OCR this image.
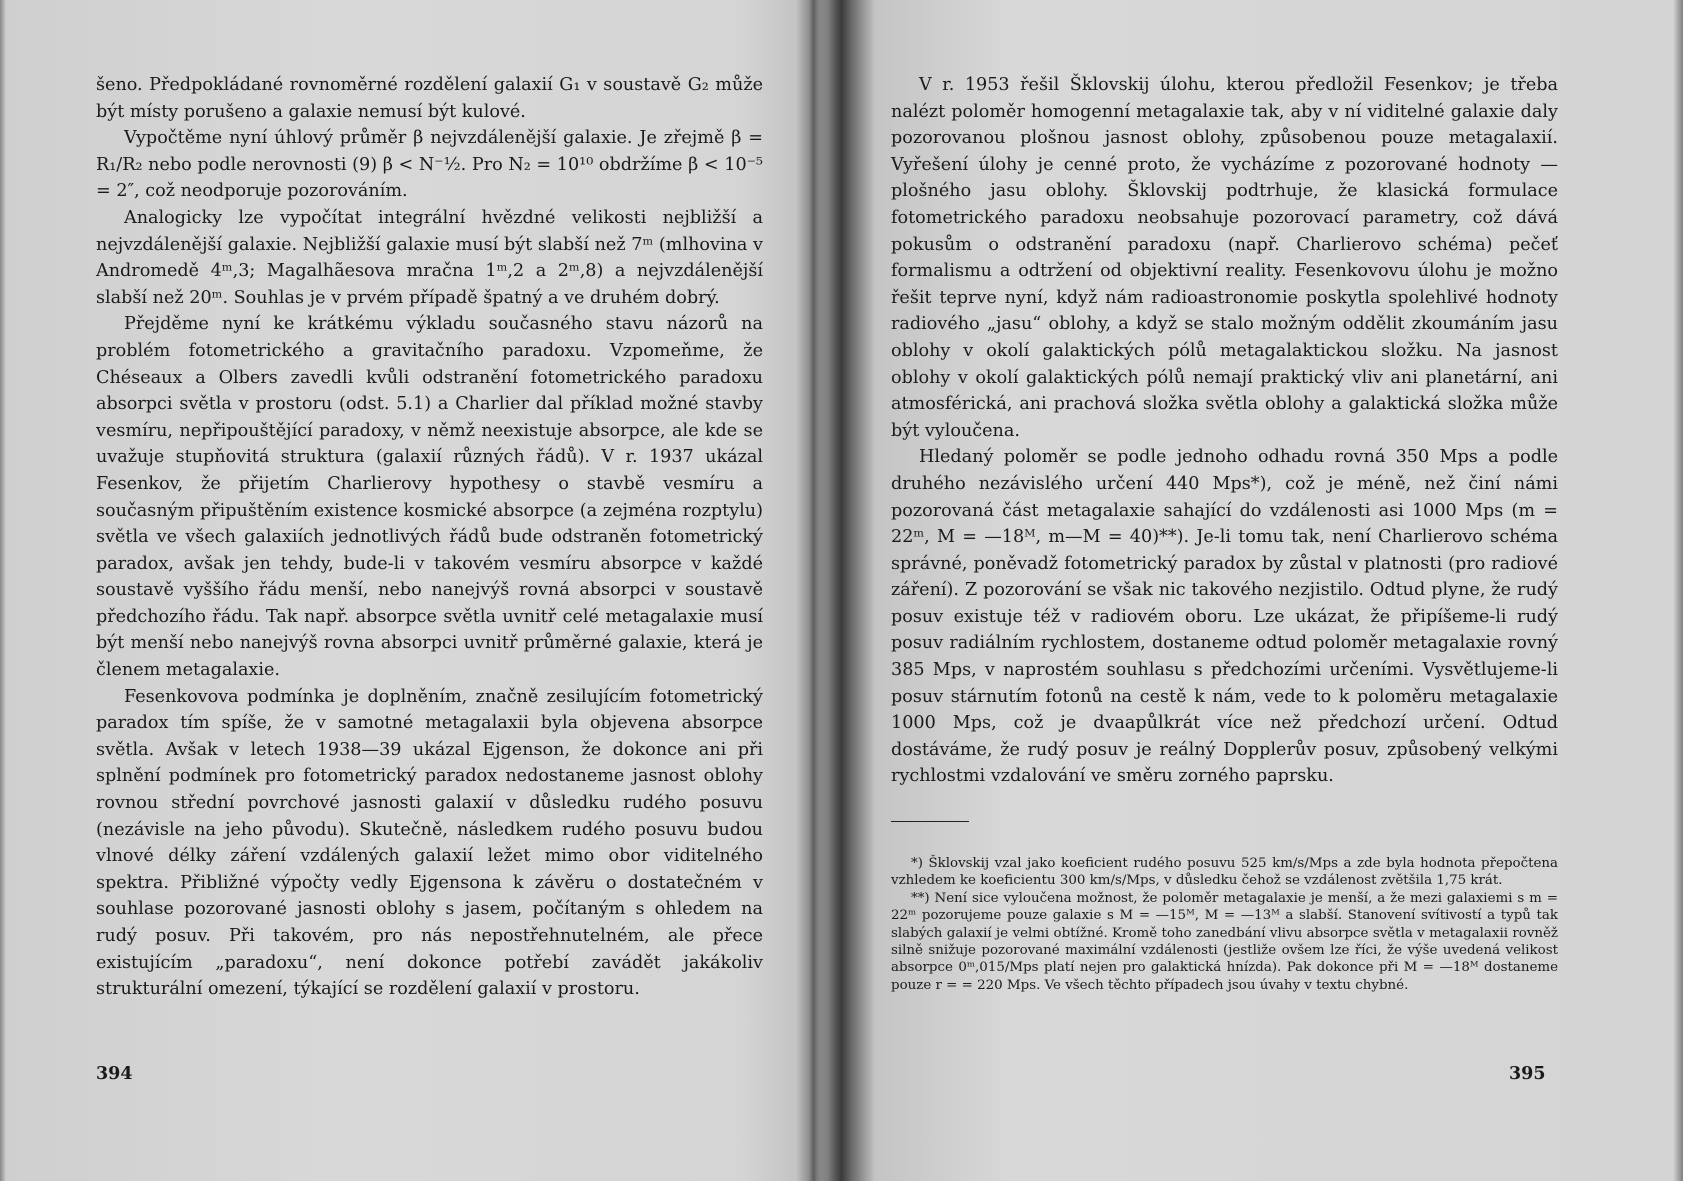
šeno. Předpokládané rovnoměrné rozdělení galaxií G₁ v soustavě G₂ může být místy porušeno a galaxie nemusí být kulové.

Vypočtěme nyní úhlový průměr β nejvzdálenější galaxie. Je zřejmě β = R₁/R₂ nebo podle nerovnosti (9) β < N⁻½. Pro N₂ = 10¹⁰ obdržíme β < 10⁻⁵ = 2″, což neodporuje pozorováním.

Analogicky lze vypočítat integrální hvězdné velikosti nejbližší a nejvzdálenější galaxie. Nejbližší galaxie musí být slabší než 7ᵐ (mlhovina v Andromedě 4ᵐ,3; Magalhãesova mračna 1ᵐ,2 a 2ᵐ,8) a nejvzdálenější slabší než 20ᵐ. Souhlas je v prvém případě špatný a ve druhém dobrý.

Přejděme nyní ke krátkému výkladu současného stavu názorů na problém fotometrického a gravitačního paradoxu. Vzpomeňme, že Chéseaux a Olbers zavedli kvůli odstranění fotometrického paradoxu absorpci světla v prostoru (odst. 5.1) a Charlier dal příklad možné stavby vesmíru, nepřipouštějící paradoxy, v němž neexistuje absorpce, ale kde se uvažuje stupňovitá struktura (galaxií různých řádů). V r. 1937 ukázal Fesenkov, že přijetím Charlierovy hypothesy o stavbě vesmíru a současným připuštěním existence kosmické absorpce (a zejména rozptylu) světla ve všech galaxiích jednotlivých řádů bude odstraněn fotometrický paradox, avšak jen tehdy, bude-li v takovém vesmíru absorpce v každé soustavě vyššího řádu menší, nebo nanejvýš rovná absorpci v soustavě předchozího řádu. Tak např. absorpce světla uvnitř celé metagalaxie musí být menší nebo nanejvýš rovna absorpci uvnitř průměrné galaxie, která je členem metagalaxie.

Fesenkovova podmínka je doplněním, značně zesilujícím fotometrický paradox tím spíše, že v samotné metagalaxii byla objevena absorpce světla. Avšak v letech 1938—39 ukázal Ejgenson, že dokonce ani při splnění podmínek pro fotometrický paradox nedostaneme jasnost oblohy rovnou střední povrchové jasnosti galaxií v důsledku rudého posuvu (nezávisle na jeho původu). Skutečně, následkem rudého posuvu budou vlnové délky záření vzdálených galaxií ležet mimo obor viditelného spektra. Přibližné výpočty vedly Ejgensona k závěru o dostatečném v souhlase pozorované jasnosti oblohy s jasem, počítaným s ohledem na rudý posuv. Při takovém, pro nás nepostřehnutelném, ale přece existujícím „paradoxu“, není dokonce potřebí zavádět jakákoliv strukturální omezení, týkající se rozdělení galaxií v prostoru.

394

V r. 1953 řešil Šklovskij úlohu, kterou předložil Fesenkov; je třeba nalézt poloměr homogenní metagalaxie tak, aby v ní viditelné galaxie daly pozorovanou plošnou jasnost oblohy, způsobenou pouze metagalaxií. Vyřešení úlohy je cenné proto, že vycházíme z pozorované hodnoty — plošného jasu oblohy. Šklovskij podtrhuje, že klasická formulace fotometrického paradoxu neobsahuje pozorovací parametry, což dává pokusům o odstranění paradoxu (např. Charlierovo schéma) pečeť formalismu a odtržení od objektivní reality. Fesenkovovu úlohu je možno řešit teprve nyní, když nám radioastronomie poskytla spolehlivé hodnoty radiového „jasu“ oblohy, a když se stalo možným oddělit zkoumáním jasu oblohy v okolí galaktických pólů metagalaktickou složku. Na jasnost oblohy v okolí galaktických pólů nemají praktický vliv ani planetární, ani atmosférická, ani prachová složka světla oblohy a galaktická složka může být vyloučena.

Hledaný poloměr se podle jednoho odhadu rovná 350 Mps a podle druhého nezávislého určení 440 Mps*), což je méně, než činí námi pozorovaná část metagalaxie sahající do vzdálenosti asi 1000 Mps (m = 22ᵐ, M = —18ᴹ, m—M = 40)**). Je-li tomu tak, není Charlierovo schéma správné, poněvadž fotometrický paradox by zůstal v platnosti (pro radiové záření). Z pozorování se však nic takového nezjistilo. Odtud plyne, že rudý posuv existuje též v radiovém oboru. Lze ukázat, že připíšeme-li rudý posuv radiálním rychlostem, dostaneme odtud poloměr metagalaxie rovný 385 Mps, v naprostém souhlasu s předchozími určeními. Vysvětlujeme-li posuv stárnutím fotonů na cestě k nám, vede to k poloměru metagalaxie 1000 Mps, což je dvaapůlkrát více než předchozí určení. Odtud dostáváme, že rudý posuv je reálný Dopplerův posuv, způsobený velkými rychlostmi vzdalování ve směru zorného paprsku.

*) Šklovskij vzal jako koeficient rudého posuvu 525 km/s/Mps a zde byla hodnota přepočtena vzhledem ke koeficientu 300 km/s/Mps, v důsledku čehož se vzdálenost zvětšila 1,75 krát.

**) Není sice vyloučena možnost, že poloměr metagalaxie je menší, a že mezi galaxiemi s m = 22ᵐ pozorujeme pouze galaxie s M = —15ᴹ, M = —13ᴹ a slabší. Stanovení svítivostí a typů tak slabých galaxií je velmi obtížné. Kromě toho zanedbání vlivu absorpce světla v metagalaxii rovněž silně snižuje pozorované maximální vzdálenosti (jestliže ovšem lze říci, že výše uvedená velikost absorpce 0ᵐ,015/Mps platí nejen pro galaktická hnízda). Pak dokonce při M = —18ᴹ dostaneme pouze r = = 220 Mps. Ve všech těchto případech jsou úvahy v textu chybné.

395
